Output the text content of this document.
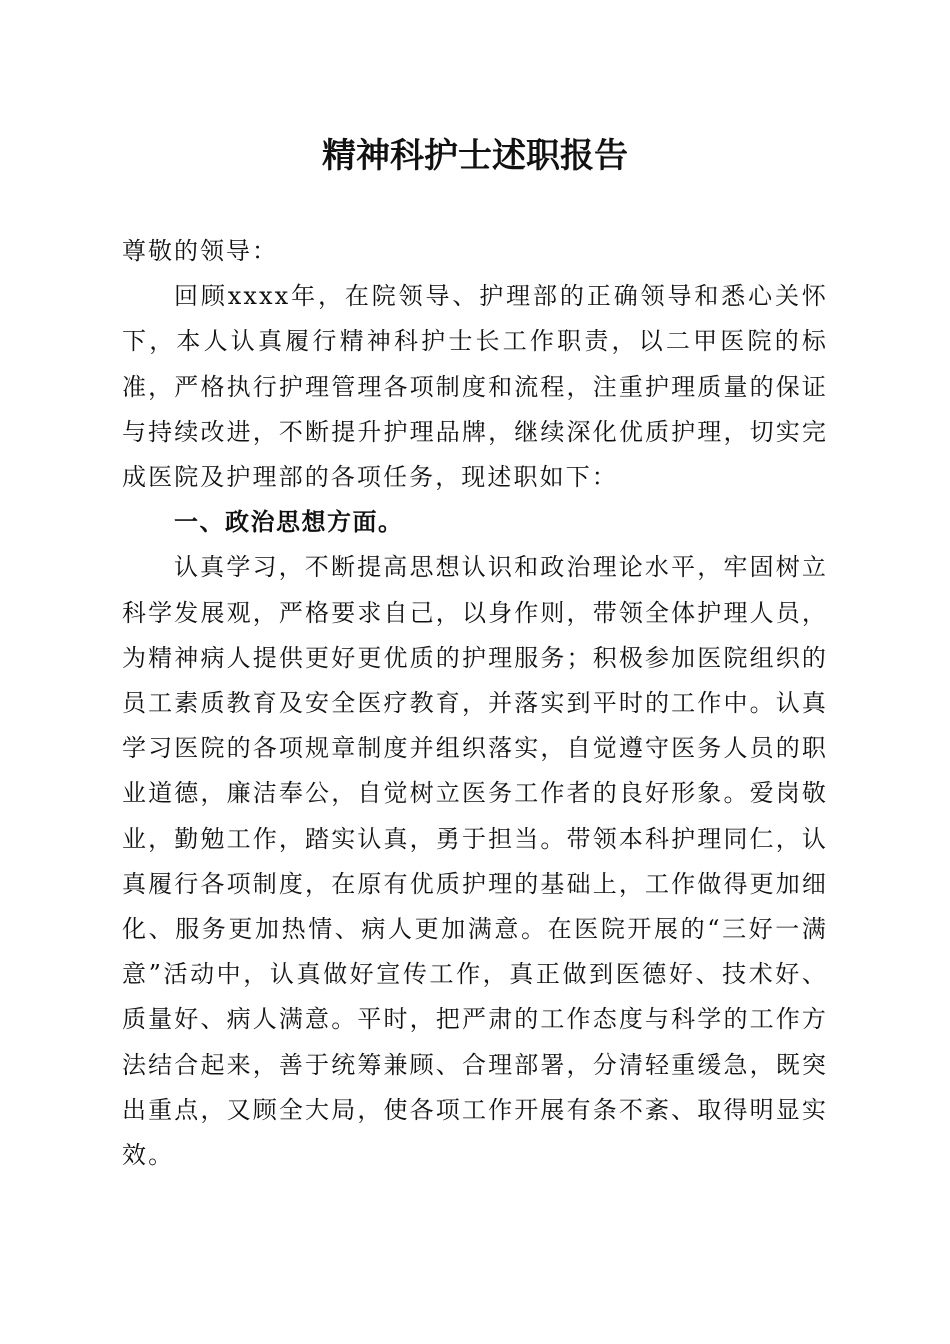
精神科护士述职报告

尊敬的领导：

回顾xxxx年，在院领导、护理部的正确领导和悉心关怀下，本人认真履行精神科护士长工作职责，以二甲医院的标准，严格执行护理管理各项制度和流程，注重护理质量的保证与持续改进，不断提升护理品牌，继续深化优质护理，切实完成医院及护理部的各项任务，现述职如下：

一、政治思想方面。

认真学习，不断提高思想认识和政治理论水平，牢固树立科学发展观，严格要求自己，以身作则，带领全体护理人员，为精神病人提供更好更优质的护理服务；积极参加医院组织的员工素质教育及安全医疗教育，并落实到平时的工作中。认真学习医院的各项规章制度并组织落实，自觉遵守医务人员的职业道德，廉洁奉公，自觉树立医务工作者的良好形象。爱岗敬业，勤勉工作，踏实认真，勇于担当。带领本科护理同仁，认真履行各项制度，在原有优质护理的基础上，工作做得更加细化、服务更加热情、病人更加满意。在医院开展的“三好一满意”活动中，认真做好宣传工作，真正做到医德好、技术好、质量好、病人满意。平时，把严肃的工作态度与科学的工作方法结合起来，善于统筹兼顾、合理部署，分清轻重缓急，既突出重点，又顾全大局，使各项工作开展有条不紊、取得明显实效。
